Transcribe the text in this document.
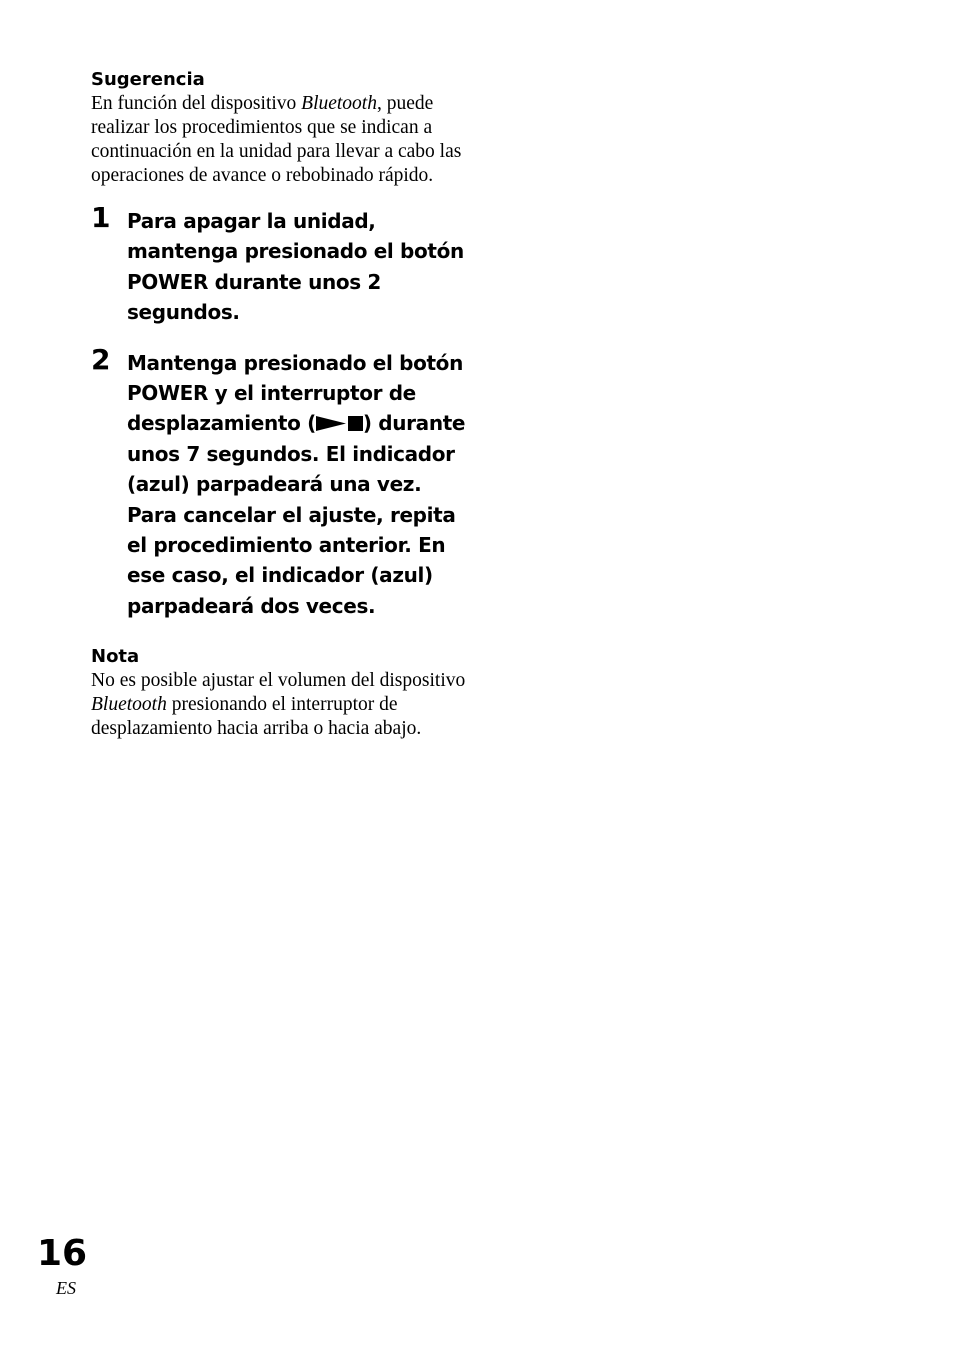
Sugerencia

En función del dispositivo Bluetooth, puede realizar los procedimientos que se indican a continuación en la unidad para llevar a cabo las operaciones de avance o rebobinado rápido.

1 Para apagar la unidad, mantenga presionado el botón POWER durante unos 2 segundos.

2 Mantenga presionado el botón POWER y el interruptor de desplazamiento ( ) durante unos 7 segundos. El indicador (azul) parpadeará una vez. Para cancelar el ajuste, repita el procedimiento anterior. En ese caso, el indicador (azul) parpadeará dos veces.

Nota

No es posible ajustar el volumen del dispositivo Bluetooth presionando el interruptor de desplazamiento hacia arriba o hacia abajo.

16

ES
